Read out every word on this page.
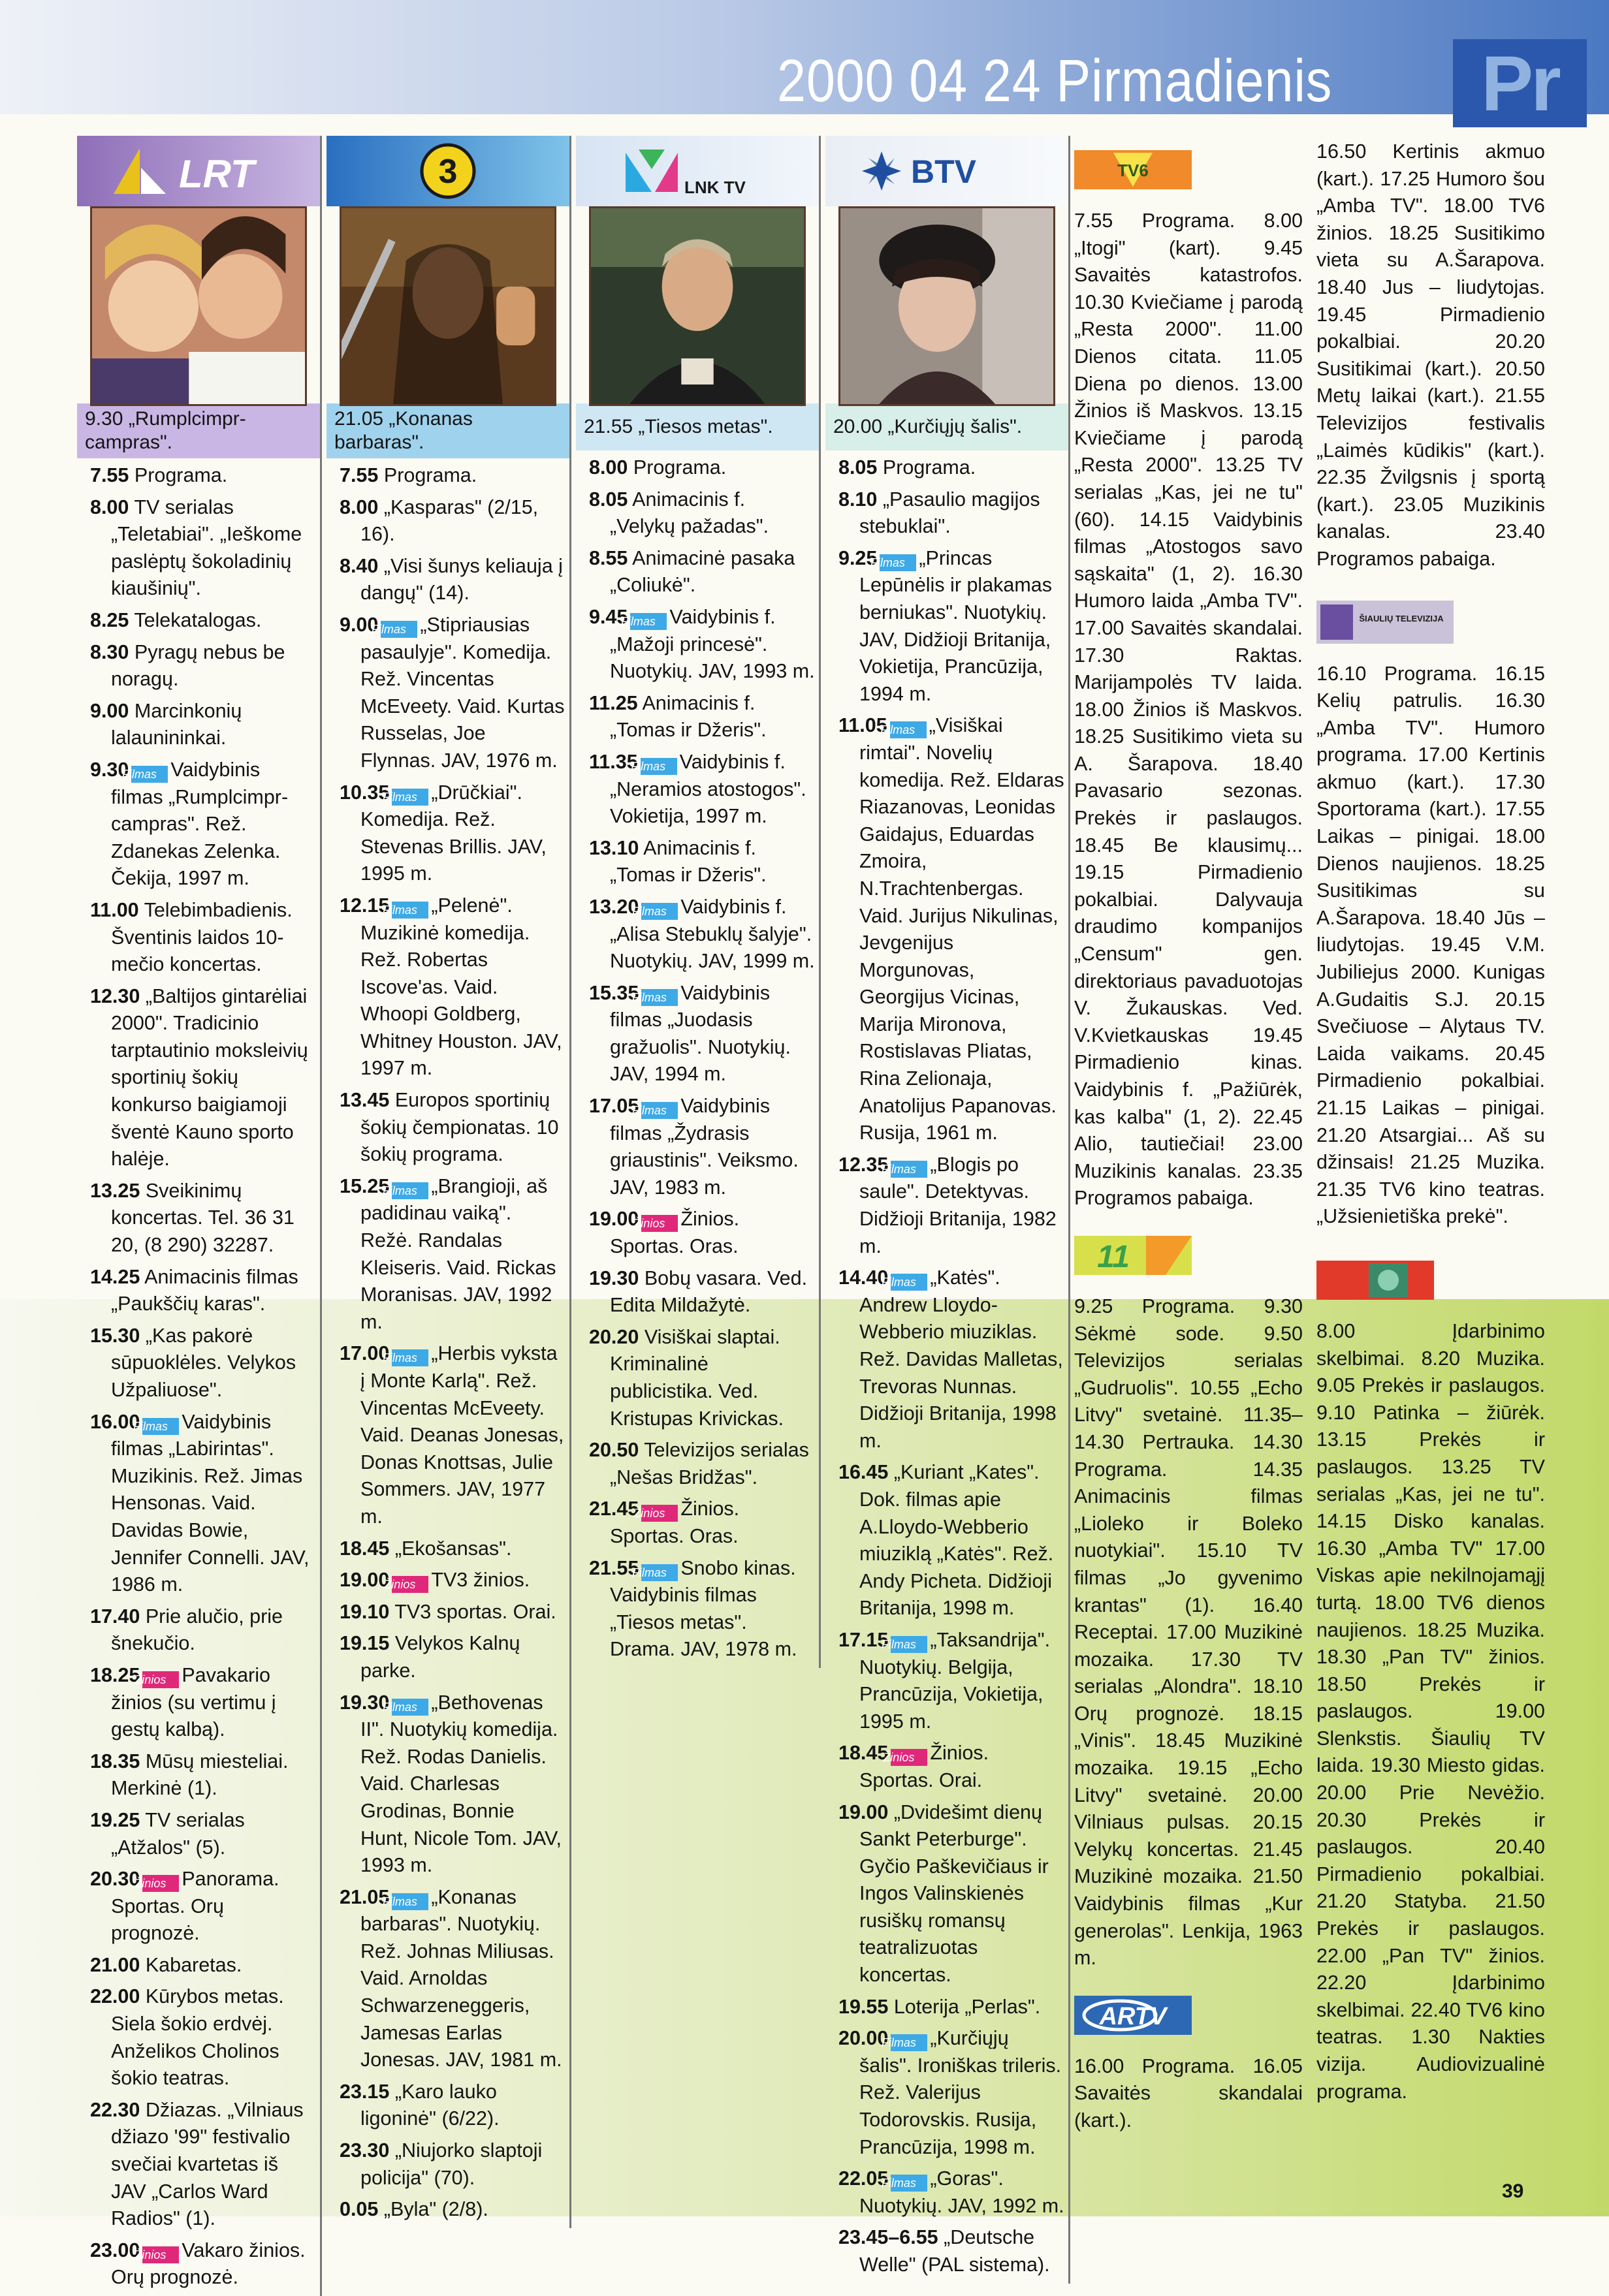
2000 04 24 Pirmadienis	Pr
LRT
9.30 „Rumplcimpr-campras".
7.55 Programa.
8.00 TV serialas „Teletabiai". „Ieškome paslėptų šokoladinių kiaušinių".
8.25 Telekatalogas.
8.30 Pyragų nebus be noragų.
9.00 Marcinkonių lalaunininkai.
9.30Filmas Vaidybinis filmas „Rumplcimpr-campras". Rež. Zdanekas Zelenka. Čekija, 1997 m.
11.00 Telebimbadienis. Šventinis laidos 10-mečio koncertas.
12.30 „Baltijos gintarėliai 2000". Tradicinio tarptautinio moksleivių sportinių šokių konkurso baigiamoji šventė Kauno sporto halėje.
13.25 Sveikinimų koncertas. Tel. 36 31 20, (8 290) 32287.
14.25 Animacinis filmas „Paukščių karas".
15.30 „Kas pakorė sūpuoklėles. Velykos Užpaliuose".
16.00Filmas Vaidybinis filmas „Labirintas". Muzikinis. Rež. Jimas Hensonas. Vaid. Davidas Bowie, Jennifer Connelli. JAV, 1986 m.
17.40 Prie alučio, prie šnekučio.
18.25Žinios Pavakario žinios (su vertimu į gestų kalbą).
18.35 Mūsų miesteliai. Merkinė (1).
19.25 TV serialas „Atžalos" (5).
20.30Žinios Panorama. Sportas. Orų prognozė.
21.00 Kabaretas.
22.00 Kūrybos metas. Siela šokio erdvėj. Anželikos Cholinos šokio teatras.
22.30 Džiazas. „Vilniaus džiazo '99" festivalio svečiai kvartetas iš JAV „Carlos Ward Radios" (1).
23.00Žinios Vakaro žinios. Orų prognozė.
3
21.05 „Konanas barbaras".
7.55 Programa.
8.00 „Kasparas" (2/15, 16).
8.40 „Visi šunys keliauja į dangų" (14).
9.00Filmas „Stipriausias pasaulyje". Komedija. Rež. Vincentas McEvеety. Vaid. Kurtas Russelas, Joe Flynnas. JAV, 1976 m.
10.35Filmas „Drūčkiai". Komedija. Rež. Stevenas Brillis. JAV, 1995 m.
12.15Filmas „Pelenė". Muzikinė komedija. Rež. Robertas Iscove'as. Vaid. Whoopi Goldberg, Whitney Houston. JAV, 1997 m.
13.45 Europos sportinių šokių čempionatas. 10 šokių programa.
15.25Filmas „Brangioji, aš padidinau vaiką". Režė. Randalas Kleiseris. Vaid. Rickas Moranisas. JAV, 1992 m.
17.00Filmas „Herbis vyksta į Monte Karlą". Rež. Vincentas McEveety. Vaid. Deanas Jonesas, Donas Knottsas, Julie Sommers. JAV, 1977 m.
18.45 „Ekošansas".
19.00Žinios TV3 žinios.
19.10 TV3 sportas. Orai.
19.15 Velykos Kalnų parke.
19.30Filmas „Bethovenas II". Nuotykių komedija. Rež. Rodas Danielis. Vaid. Charlesas Grodinas, Bonnie Hunt, Nicole Tom. JAV, 1993 m.
21.05Filmas „Konanas barbaras". Nuotykių. Rež. Johnas Miliusas. Vaid. Arnoldas Schwarzeneggeris, Jamesas Earlas Jonesas. JAV, 1981 m.
23.15 „Karo lauko ligoninė" (6/22).
23.30 „Niujorko slaptoji policija" (70).
0.05 „Byla" (2/8).
LNK TV
21.55 „Tiesos metas".
8.00 Programa.
8.05 Animacinis f. „Velykų pažadas".
8.55 Animacinė pasaka „Coliukė".
9.45Filmas Vaidybinis f. „Mažoji princesė". Nuotykių. JAV, 1993 m.
11.25 Animacinis f. „Tomas ir Džeris".
11.35Filmas Vaidybinis f. „Neramios atostogos". Vokietija, 1997 m.
13.10 Animacinis f. „Tomas ir Džeris".
13.20Filmas Vaidybinis f. „Alisa Stebuklų šalyje". Nuotykių. JAV, 1999 m.
15.35Filmas Vaidybinis filmas „Juodasis gražuolis". Nuotykių. JAV, 1994 m.
17.05Filmas Vaidybinis filmas „Žydrasis griaustinis". Veiksmo. JAV, 1983 m.
19.00Žinios Žinios. Sportas. Oras.
19.30 Bobų vasara. Ved. Edita Mildažytė.
20.20 Visiškai slaptai. Kriminalinė publicistika. Ved. Kristupas Krivickas.
20.50 Televizijos serialas „Nešas Bridžas".
21.45Žinios Žinios. Sportas. Oras.
21.55Filmas Snobo kinas. Vaidybinis filmas „Tiesos metas". Drama. JAV, 1978 m.
BTV
20.00 „Kurčiųjų šalis".
8.05 Programa.
8.10 „Pasaulio magijos stebuklai".
9.25Filmas „Princas Lepūnėlis ir plakamas berniukas". Nuotykių. JAV, Didžioji Britanija, Vokietija, Prancūzija, 1994 m.
11.05Filmas „Visiškai rimtai". Novelių komedija. Rež. Eldaras Riazanovas, Leonidas Gaidajus, Eduardas Zmoira, N.Trachtenbergas. Vaid. Jurijus Nikulinas, Jevgenijus Morgunovas, Georgijus Vicinas, Marija Mironova, Rostislavas Pliatas, Rina Zelionaja, Anatolijus Papanovas. Rusija, 1961 m.
12.35Filmas „Blogis po saule". Detektyvas. Didžioji Britanija, 1982 m.
14.40Filmas „Katės". Andrew Lloydo-Webberio miuziklas. Rež. Davidas Malletas, Trevoras Nunnas. Didžioji Britanija, 1998 m.
16.45 „Kuriant „Kates". Dok. filmas apie A.Lloydo-Webberio miuziklą „Katės". Rež. Andy Picheta. Didžioji Britanija, 1998 m.
17.15Filmas „Taksandrija". Nuotykių. Belgija, Prancūzija, Vokietija, 1995 m.
18.45Žinios Žinios. Sportas. Orai.
19.00 „Dvidešimt dienų Sankt Peterburge". Gyčio Paškevičiaus ir Ingos Valinskienės rusiškų romansų teatralizuotas koncertas.
19.55 Loterija „Perlas".
20.00Filmas „Kurčiųjų šalis". Ironiškas trileris. Rež. Valerijus Todorovskis. Rusija, Prancūzija, 1998 m.
22.05Filmas „Goras". Nuotykių. JAV, 1992 m.
23.45–6.55 „Deutsche Welle" (PAL sistema).
TV6

7.55 Programa. 8.00 „Itogi" (kart). 9.45 Savaitės katastrofos. 10.30 Kviečiame į parodą „Resta 2000". 11.00 Dienos citata. 11.05 Diena po dienos. 13.00 Žinios iš Maskvos. 13.15 Kviečiame į parodą „Resta 2000". 13.25 TV serialas „Kas, jei ne tu" (60). 14.15 Vaidybinis filmas „Atostogos savo sąskaita" (1, 2). 16.30 Humoro laida „Amba TV". 17.00 Savaitės skandalai. 17.30 Raktas. Marijampolės TV laida. 18.00 Žinios iš Maskvos. 18.25 Susitikimo vieta su A. Šarapova. 18.40 Pavasario sezonas. Prekės ir paslaugos. 18.45 Be klausimų... 19.15 Pirmadienio pokalbiai. Dalyvauja draudimo kompanijos „Censum" gen. direktoriaus pavaduotojas V. Žukauskas. Ved. V.Kvietkauskas 19.45 Pirmadienio kinas. Vaidybinis f. „Pažiūrėk, kas kalba" (1, 2). 22.45 Alio, tautiečiai! 23.00 Muzikinis kanalas. 23.35 Programos pabaiga.

11

9.25 Programa. 9.30 Sėkmė sode. 9.50 Televizijos serialas „Gudruolis". 10.55 „Echo Litvy" svetainė. 11.35–14.30 Pertrauka. 14.30 Programa. 14.35 Animacinis filmas „Lioleko ir Boleko nuotykiai". 15.10 TV filmas „Jo gyvenimo krantas" (1). 16.40 Receptai. 17.00 Muzikinė mozaika. 17.30 TV serialas „Alondra". 18.10 Orų prognozė. 18.15 „Vinis". 18.45 Muzikinė mozaika. 19.15 „Echo Litvy" svetainė. 20.00 Vilniaus pulsas. 20.15 Velykų koncertas. 21.45 Muzikinė mozaika. 21.50 Vaidybinis filmas „Kur generolas". Lenkija, 1963 m.

ARTV

16.00 Programa. 16.05 Savaitės skandalai (kart.).

16.50 Kertinis akmuo (kart.). 17.25 Humoro šou „Amba TV". 18.00 TV6 žinios. 18.25 Susitikimo vieta su A.Šarapova. 18.40 Jus – liudytojas. 19.45 Pirmadienio pokalbiai. 20.20 Susitikimai (kart.). 20.50 Metų laikai (kart.). 21.55 Televizijos festivalis „Laimės kūdikis" (kart.). 22.35 Žvilgsnis į sportą (kart.). 23.05 Muzikinis kanalas. 23.40 Programos pabaiga.

ŠIAULIŲ TELEVIZIJA

16.10 Programa. 16.15 Kelių patrulis. 16.30 „Amba TV". Humoro programa. 17.00 Kertinis akmuo (kart.). 17.30 Sportorama (kart.). 17.55 Laikas – pinigai. 18.00 Dienos naujienos. 18.25 Susitikimas su A.Šarapova. 18.40 Jūs – liudytojas. 19.45 V.M. Jubiliejus 2000. Kunigas A.Gudaitis S.J. 20.15 Svečiuose – Alytaus TV. Laida vaikams. 20.45 Pirmadienio pokalbiai. 21.15 Laikas – pinigai. 21.20 Atsargiai... Aš su džinsais! 21.25 Muzika. 21.35 TV6 kino teatras. „Užsienietiška prekė".

8.00 Įdarbinimo skelbimai. 8.20 Muzika. 9.05 Prekės ir paslaugos. 9.10 Patinka – žiūrėk. 13.15 Prekės ir paslaugos. 13.25 TV serialas „Kas, jei ne tu". 14.15 Disko kanalas. 16.30 „Amba TV" 17.00 Viskas apie nekilnojamąjį turtą. 18.00 TV6 dienos naujienos. 18.25 Muzika. 18.30 „Pan TV" žinios. 18.50 Prekės ir paslaugos. 19.00 Slenkstis. Šiaulių TV laida. 19.30 Miesto gidas. 20.00 Prie Nevėžio. 20.30 Prekės ir paslaugos. 20.40 Pirmadienio pokalbiai. 21.20 Statyba. 21.50 Prekės ir paslaugos. 22.00 „Pan TV" žinios. 22.20 Įdarbinimo skelbimai. 22.40 TV6 kino teatras. 1.30 Nakties vizija. Audiovizualinė programa.

39
